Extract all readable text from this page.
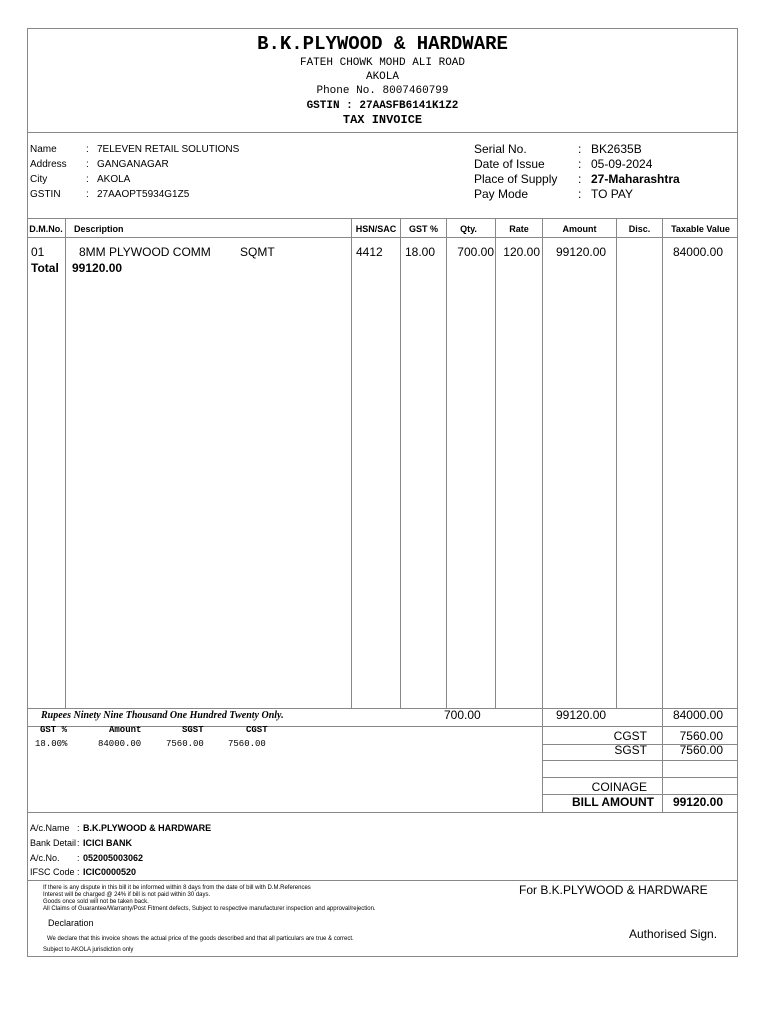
B.K.PLYWOOD & HARDWARE
FATEH CHOWK MOHD ALI ROAD
AKOLA
Phone No. 8007460799
GSTIN : 27AASFB6141K1Z2
TAX INVOICE
Name	: 7ELEVEN RETAIL SOLUTIONS
Address : GANGANAGAR
City	: AKOLA
GSTIN	: 27AAOPT5934G1Z5
Serial No.	: BK2635B
Date of Issue	: 05-09-2024
Place of Supply : 27-Maharashtra
Pay Mode	: TO PAY
D.M.No. Description	HSN/SAC	GST %	Qty.	Rate	Amount	Disc.	Taxable Value
01	8MM PLYWOOD COMM SQMT	4412 18.00	700.00 120.00 99120.00	84000.00
Total 99120.00
Rupees Ninety Nine Thousand One Hundred Twenty Only.	700.00	99120.00	84000.00
GST %	Amount	SGST	CGST
18.00%	84000.00	7560.00	7560.00
CGST	7560.00
SGST	7560.00
COINAGE
BILL AMOUNT	99120.00
A/c.Name : B.K.PLYWOOD & HARDWARE
Bank Detail : ICICI BANK
A/c.No. : 052005003062
IFSC Code : ICIC0000520
If there is any dispute in this bill it be informed within 8 days from the date of bill with D.M.References
Interest will be charged @ 24% if bill is not paid within 30 days.
Goods once sold will not be taken back.
All Claims of Guarantee/Warranty/Post Fitment defects, Subject to respective manufacturer inspection and approval/rejection.
For B.K.PLYWOOD & HARDWARE
Declaration
We declare that this invoice shows the actual price of the goods described and that all particulars are true & correct.	Authorised Sign.
Subject to AKOLA jurisdiction only
